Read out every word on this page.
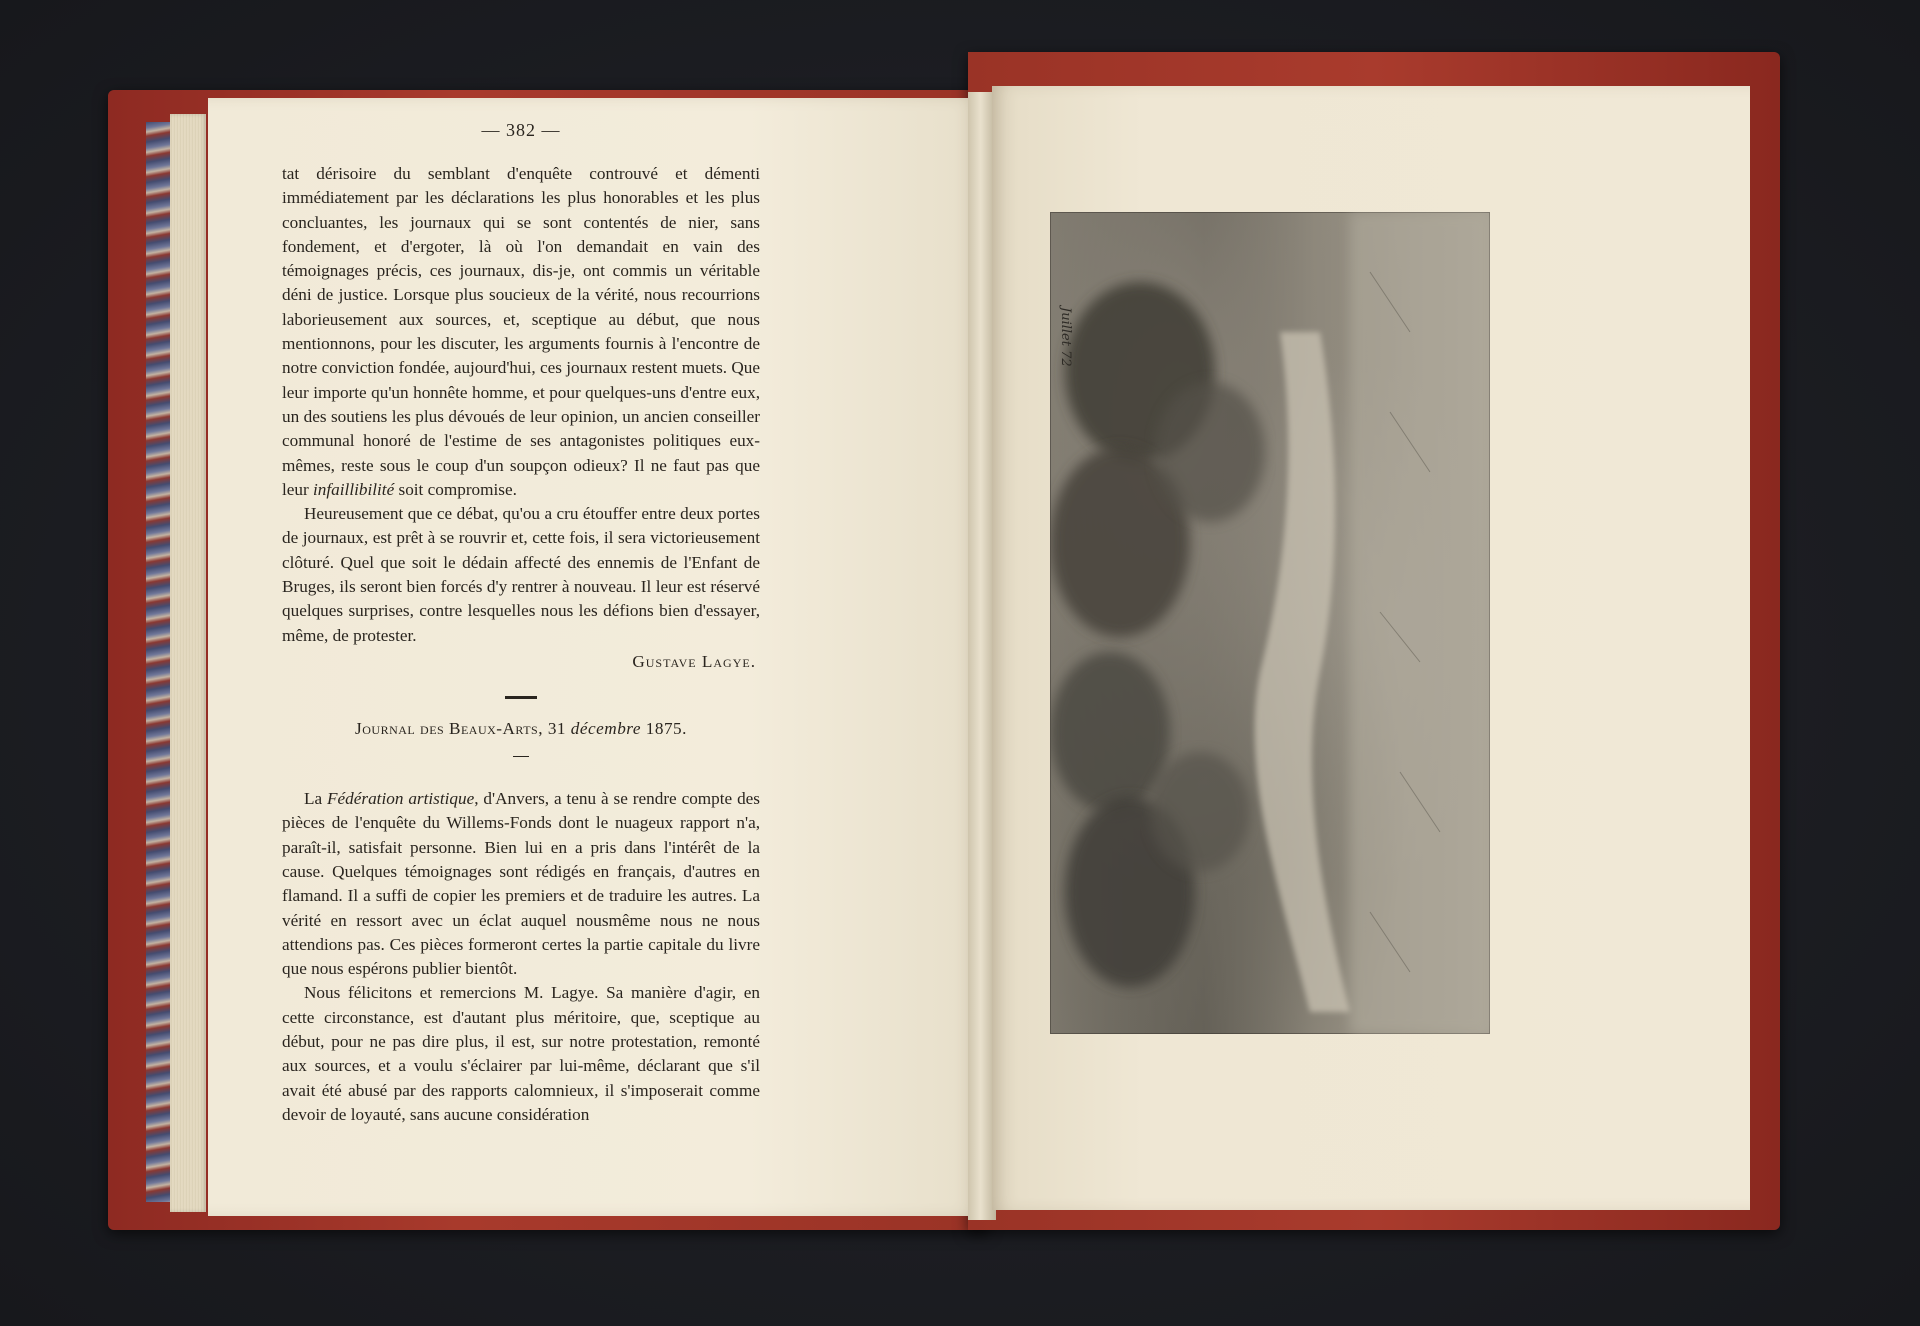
— 382 —

tat dérisoire du semblant d'enquête controuvé et démenti immédiatement par les déclarations les plus honorables et les plus concluantes, les journaux qui se sont contentés de nier, sans fondement, et d'ergoter, là où l'on demandait en vain des témoignages précis, ces journaux, dis-je, ont commis un véritable déni de justice. Lorsque plus soucieux de la vérité, nous recourrions laborieusement aux sources, et, sceptique au début, que nous mentionnons, pour les discuter, les arguments fournis à l'encontre de notre conviction fondée, aujourd'hui, ces journaux restent muets. Que leur importe qu'un honnête homme, et pour quelques-uns d'entre eux, un des soutiens les plus dévoués de leur opinion, un ancien conseiller communal honoré de l'estime de ses antagonistes politiques eux-mêmes, reste sous le coup d'un soupçon odieux? Il ne faut pas que leur infaillibilité soit compromise.

Heureusement que ce débat, qu'ou a cru étouffer entre deux portes de journaux, est prêt à se rouvrir et, cette fois, il sera victorieusement clôturé. Quel que soit le dédain affecté des ennemis de l'Enfant de Bruges, ils seront bien forcés d'y rentrer à nouveau. Il leur est réservé quelques surprises, contre lesquelles nous les défions bien d'essayer, même, de protester.

Gustave Lagye.
Journal des Beaux-Arts, 31 décembre 1875.

La Fédération artistique, d'Anvers, a tenu à se rendre compte des pièces de l'enquête du Willems-Fonds dont le nuageux rapport n'a, paraît-il, satisfait personne. Bien lui en a pris dans l'intérêt de la cause. Quelques témoignages sont rédigés en français, d'autres en flamand. Il a suffi de copier les premiers et de traduire les autres. La vérité en ressort avec un éclat auquel nousmême nous ne nous attendions pas. Ces pièces formeront certes la partie capitale du livre que nous espérons publier bientôt.

Nous félicitons et remercions M. Lagye. Sa manière d'agir, en cette circonstance, est d'autant plus méritoire, que, sceptique au début, pour ne pas dire plus, il est, sur notre protestation, remonté aux sources, et a voulu s'éclairer par lui-même, déclarant que s'il avait été abusé par des rapports calomnieux, il s'imposerait comme devoir de loyauté, sans aucune considération

Juillet 72
